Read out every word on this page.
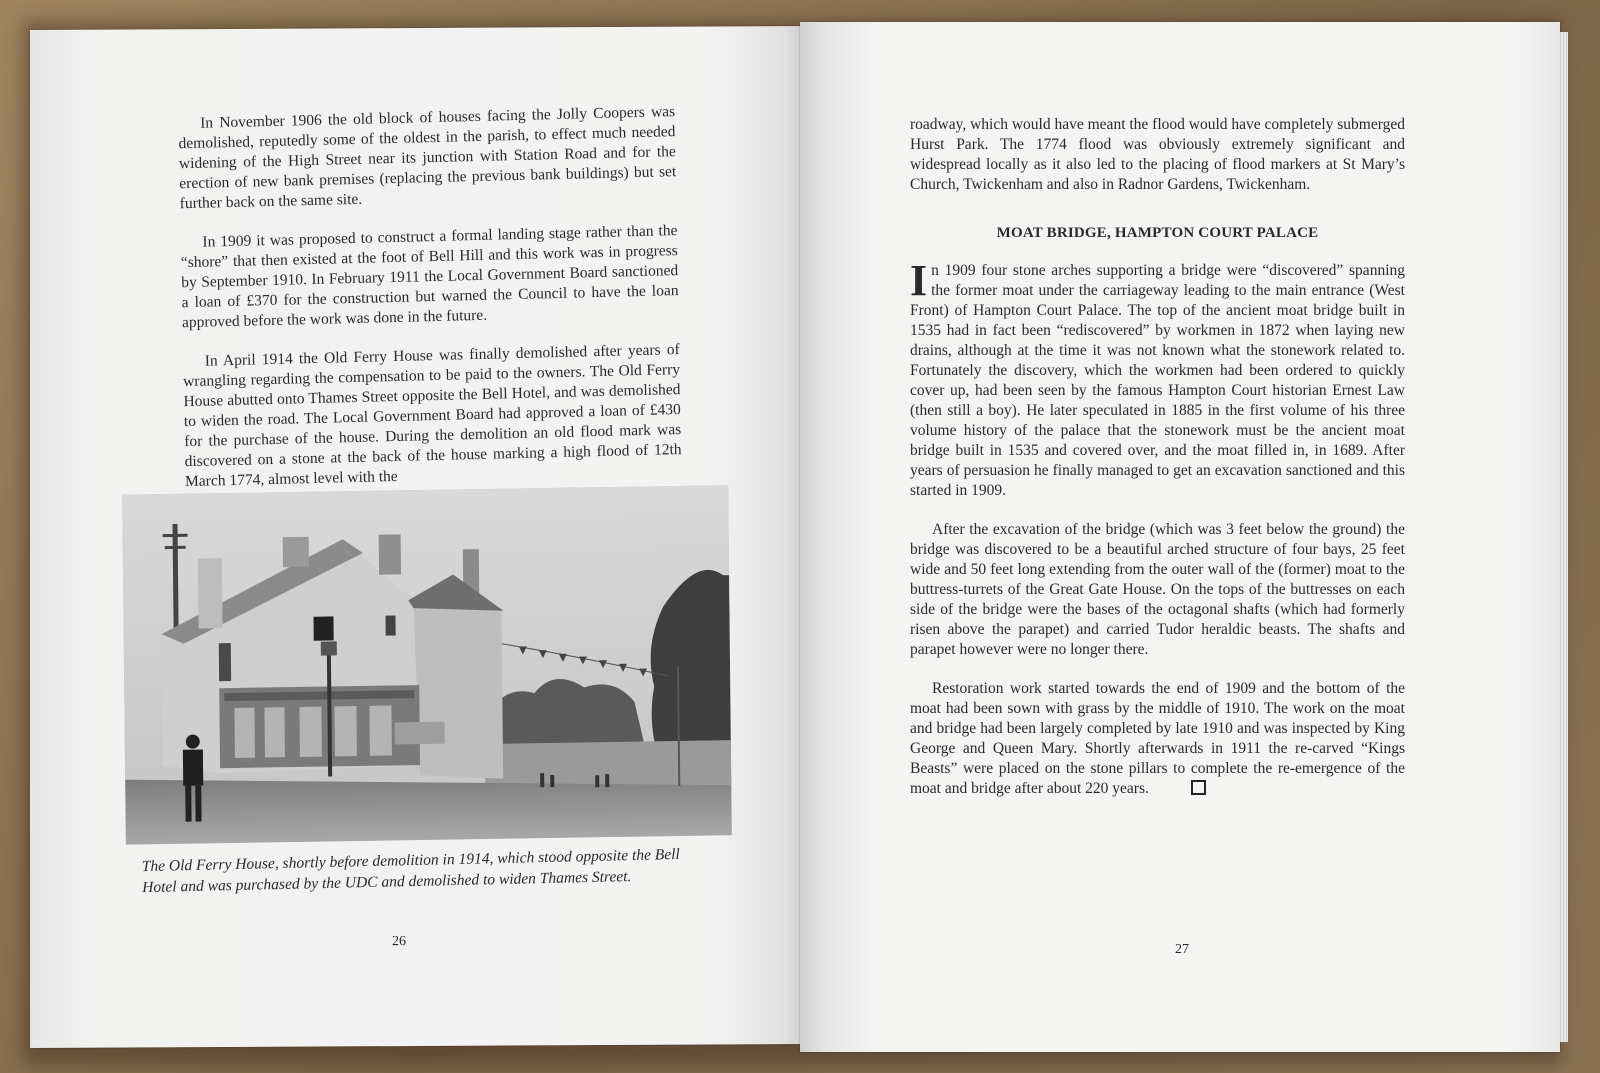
In November 1906 the old block of houses facing the Jolly Coopers was demolished, reputedly some of the oldest in the parish, to effect much needed widening of the High Street near its junction with Station Road and for the erection of new bank premises (replacing the previous bank buildings) but set further back on the same site.

In 1909 it was proposed to construct a formal landing stage rather than the “shore” that then existed at the foot of Bell Hill and this work was in progress by September 1910. In February 1911 the Local Government Board sanctioned a loan of £370 for the construction but warned the Council to have the loan approved before the work was done in the future.

In April 1914 the Old Ferry House was finally demolished after years of wrangling regarding the compensation to be paid to the owners. The Old Ferry House abutted onto Thames Street opposite the Bell Hotel, and was demolished to widen the road. The Local Government Board had approved a loan of £430 for the purchase of the house. During the demolition an old flood mark was discovered on a stone at the back of the house marking a high flood of 12th March 1774, almost level with the

The Old Ferry House, shortly before demolition in 1914, which stood opposite the Bell Hotel and was purchased by the UDC and demolished to widen Thames Street.
26

roadway, which would have meant the flood would have completely submerged Hurst Park. The 1774 flood was obviously extremely significant and widespread locally as it also led to the placing of flood markers at St Mary’s Church, Twickenham and also in Radnor Gardens, Twickenham.

MOAT BRIDGE, HAMPTON COURT PALACE

In 1909 four stone arches supporting a bridge were “discovered” spanning the former moat under the carriageway leading to the main entrance (West Front) of Hampton Court Palace. The top of the ancient moat bridge built in 1535 had in fact been “rediscovered” by workmen in 1872 when laying new drains, although at the time it was not known what the stonework related to. Fortunately the discovery, which the workmen had been ordered to quickly cover up, had been seen by the famous Hampton Court historian Ernest Law (then still a boy). He later speculated in 1885 in the first volume of his three volume history of the palace that the stonework must be the ancient moat bridge built in 1535 and covered over, and the moat filled in, in 1689. After years of persuasion he finally managed to get an excavation sanctioned and this started in 1909.

After the excavation of the bridge (which was 3 feet below the ground) the bridge was discovered to be a beautiful arched structure of four bays, 25 feet wide and 50 feet long extending from the outer wall of the (former) moat to the buttress-turrets of the Great Gate House. On the tops of the buttresses on each side of the bridge were the bases of the octagonal shafts (which had formerly risen above the parapet) and carried Tudor heraldic beasts. The shafts and parapet however were no longer there.

Restoration work started towards the end of 1909 and the bottom of the moat had been sown with grass by the middle of 1910. The work on the moat and bridge had been largely completed by late 1910 and was inspected by King George and Queen Mary. Shortly afterwards in 1911 the re-carved “Kings Beasts” were placed on the stone pillars to complete the re-emergence of the moat and bridge after about 220 years.

27
